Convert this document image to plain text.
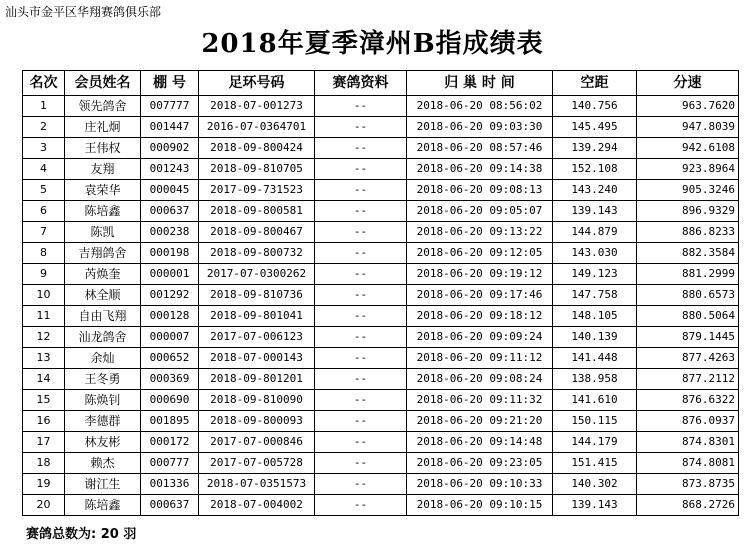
汕头市金平区华翔赛鸽俱乐部
2018年夏季漳州B指成绩表
名次	会员姓名	棚 号	足环号码	赛鸽资料	归 巢 时 间	空距	分速
1	领先鸽舍	007777	2018-07-001273	--	2018-06-20 08:56:02	140.756	963.7620
2	庄礼炯	001447	2016-07-0364701	--	2018-06-20 09:03:30	145.495	947.8039
3	王伟权	000902	2018-09-800424	--	2018-06-20 08:57:46	139.294	942.6108
4	友翔	001243	2018-09-810705	--	2018-06-20 09:14:38	152.108	923.8964
5	袁荣华	000045	2017-09-731523	--	2018-06-20 09:08:13	143.240	905.3246
6	陈培鑫	000637	2018-09-800581	--	2018-06-20 09:05:07	139.143	896.9329
7	陈凯	000238	2018-09-800467	--	2018-06-20 09:13:22	144.879	886.8233
8	吉翔鸽舍	000198	2018-09-800732	--	2018-06-20 09:12:05	143.030	882.3584
9	芮焕奎	000001	2017-07-0300262	--	2018-06-20 09:19:12	149.123	881.2999
10	林全顺	001292	2018-09-810736	--	2018-06-20 09:17:46	147.758	880.6573
11	自由飞翔	000128	2018-09-801041	--	2018-06-20 09:18:12	148.105	880.5064
12	汕龙鸽舍	000007	2017-07-006123	--	2018-06-20 09:09:24	140.139	879.1445
13	余灿	000652	2018-07-000143	--	2018-06-20 09:11:12	141.448	877.4263
14	王冬勇	000369	2018-09-801201	--	2018-06-20 09:08:24	138.958	877.2112
15	陈焕钊	000690	2018-09-810090	--	2018-06-20 09:11:32	141.610	876.6322
16	李德群	001895	2018-09-800093	--	2018-06-20 09:21:20	150.115	876.0937
17	林友彬	000172	2017-07-000846	--	2018-06-20 09:14:48	144.179	874.8301
18	赖杰	000777	2017-07-005728	--	2018-06-20 09:23:05	151.415	874.8081
19	谢江生	001336	2018-07-0351573	--	2018-06-20 09:10:33	140.302	873.8735
20	陈培鑫	000637	2018-07-004002	--	2018-06-20 09:10:15	139.143	868.2726
赛鸽总数为: 20 羽
